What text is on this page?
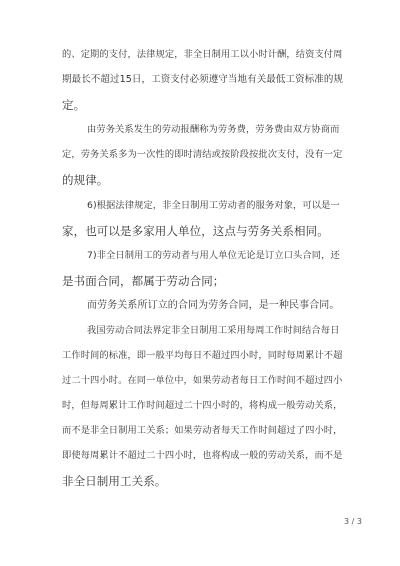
的、定期的支付，法律规定，非全日制用工以小时计酬，结资支付周
期最长不超过15日，工资支付必须遵守当地有关最低工资标准的规
定。
由劳务关系发生的劳动报酬称为劳务费，劳务费由双方协商而
定，劳务关系多为一次性的即时清结或按阶段按批次支付，没有一定
的规律。
6)根据法律规定，非全日制用工劳动者的服务对象，可以是一
家，也可以是多家用人单位，这点与劳务关系相同。
7)非全日制用工的劳动者与用人单位无论是订立口头合同，还
是书面合同，都属于劳动合同；
而劳务关系所订立的合同为劳务合同，是一种民事合同。
我国劳动合同法界定非全日制用工采用每周工作时间结合每日
工作时间的标准，即一般平均每日不超过四小时，同时每周累计不超
过二十四小时。在同一单位中，如果劳动者每日工作时间不超过四小
时，但每周累计工作时间超过二十四小时的，将构成一般劳动关系，
而不是非全日制用工关系；如果劳动者每天工作时间超过了四小时，
即使每周累计不超过二十四小时，也将构成一般的劳动关系，而不是
非全日制用工关系。
3 / 3
